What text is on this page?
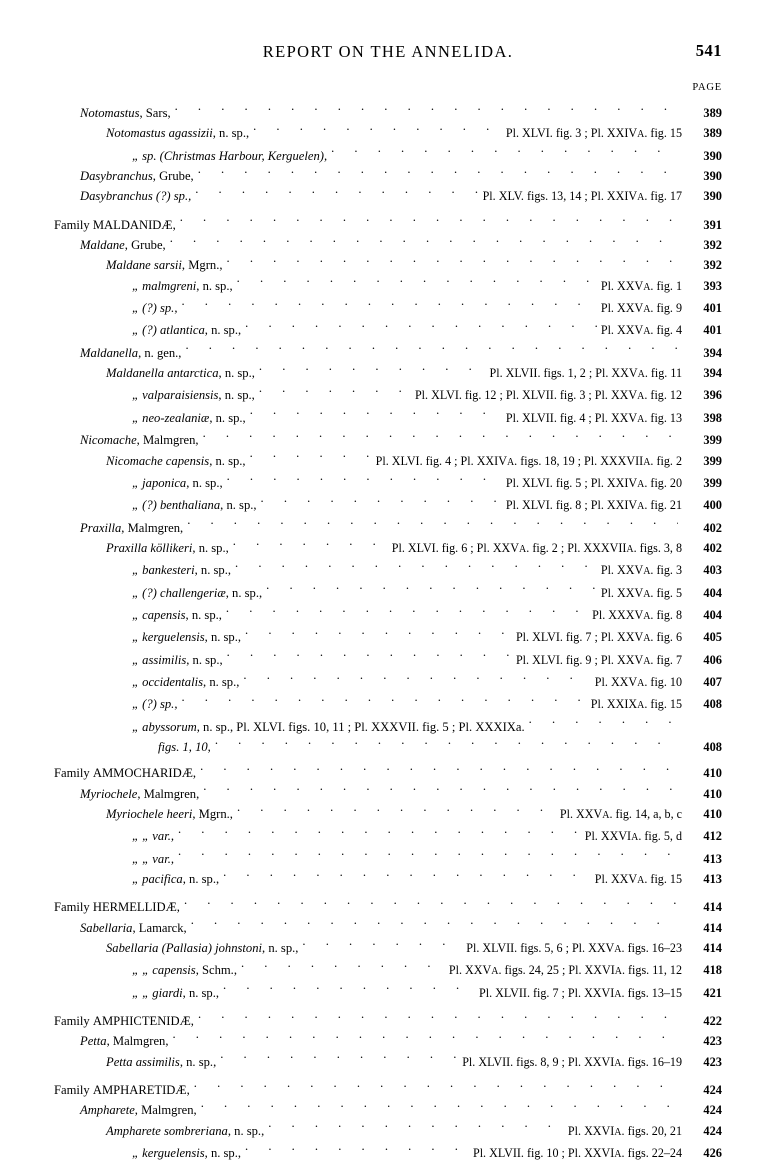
REPORT ON THE ANNELIDA.	541
PAGE
Notomastus, Sars, . .	389
Notomastus agassizii, n. sp., . .	Pl. XLVI. fig. 3 ; Pl. XXIVA. fig. 15	389
„ sp. (Christmas Harbour, Kerguelen), . .	390
Dasybranchus, Grube, . .	390
Dasybranchus (?) sp., . .	Pl. XLV. figs. 13, 14 ; Pl. XXIVA. fig. 17	390
Family MALDANIDÆ, . .	391
Maldane, Grube, . .	392
Maldane sarsii, Mgrn., . .	392
„ malmgreni, n. sp., . .	Pl. XXVA. fig. 1	393
„ (?) sp., . .	Pl. XXVA. fig. 9	401
„ (?) atlantica, n. sp., . .	Pl. XXVA. fig. 4	401
Maldanella, n. gen., . .	394
Maldanella antarctica, n. sp., . .	Pl. XLVII. figs. 1, 2 ; Pl. XXVA. fig. 11	394
„ valparaisiensis, n. sp., . .	Pl. XLVI. fig. 12 ; Pl. XLVII. fig. 3 ; Pl. XXVA. fig. 12	396
„ neo-zealaniæ, n. sp., . .	Pl. XLVII. fig. 4 ; Pl. XXVA. fig. 13	398
Nicomache, Malmgren, . .	399
Nicomache capensis, n. sp., . .	Pl. XLVI. fig. 4 ; Pl. XXIVA. figs. 18, 19 ; Pl. XXXVIIA. fig. 2	399
„ japonica, n. sp., . .	Pl. XLVI. fig. 5 ; Pl. XXIVA. fig. 20	399
„ (?) benthaliana, n. sp., . .	Pl. XLVI. fig. 8 ; Pl. XXIVA. fig. 21	400
Praxilla, Malmgren, . .	402
Praxilla köllikeri, n. sp., . .	Pl. XLVI. fig. 6 ; Pl. XXVA. fig. 2 ; Pl. XXXVIIA. figs. 3, 8	402
„ bankesteri, n. sp., . .	Pl. XXVA. fig. 3	403
„ (?) challengeriæ, n. sp., . .	Pl. XXVA. fig. 5	404
„ capensis, n. sp., . .	Pl. XXXVA. fig. 8	404
„ kerguelensis, n. sp., . .	Pl. XLVI. fig. 7 ; Pl. XXVA. fig. 6	405
„ assimilis, n. sp., . .	Pl. XLVI. fig. 9 ; Pl. XXVA. fig. 7	406
„ occidentalis, n. sp., . .	Pl. XXVA. fig. 10	407
„ (?) sp., . .	Pl. XXIXA. fig. 15	408
„ abyssorum, n. sp., Pl. XLVI. figs. 10, 11 ; Pl. XXXVII. fig. 5 ; Pl. XXXIXa.
. .
figs. 1, 10, . .	408
Family AMMOCHARIDÆ, . .	410
Myriochele, Malmgren, . .	410
Myriochele heeri, Mgrn., . .	Pl. XXVA. fig. 14, a, b, c	410
„ „ var., . .	Pl. XXVIA. fig. 5, d	412
„ „ var., . .	413
„ pacifica, n. sp., . .	Pl. XXVA. fig. 15	413
Family HERMELLIDÆ, . .	414
Sabellaria, Lamarck, . .	414
Sabellaria (Pallasia) johnstoni, n. sp., . .	Pl. XLVII. figs. 5, 6 ; Pl. XXVA. figs. 16–23	414
„ „ capensis, Schm., . .	Pl. XXVA. figs. 24, 25 ; Pl. XXVIA. figs. 11, 12	418
„ „ giardi, n. sp., . .	Pl. XLVII. fig. 7 ; Pl. XXVIA. figs. 13–15	421
Family AMPHICTENIDÆ, . .	422
Petta, Malmgren, . .	423
Petta assimilis, n. sp., . .	Pl. XLVII. figs. 8, 9 ; Pl. XXVIA. figs. 16–19	423
Family AMPHARETIDÆ, . .	424
Ampharete, Malmgren, . .	424
Ampharete sombreriana, n. sp., . .	Pl. XXVIA. figs. 20, 21	424
„ kerguelensis, n. sp., . .	Pl. XLVII. fig. 10 ; Pl. XXVIA. figs. 22–24	426
